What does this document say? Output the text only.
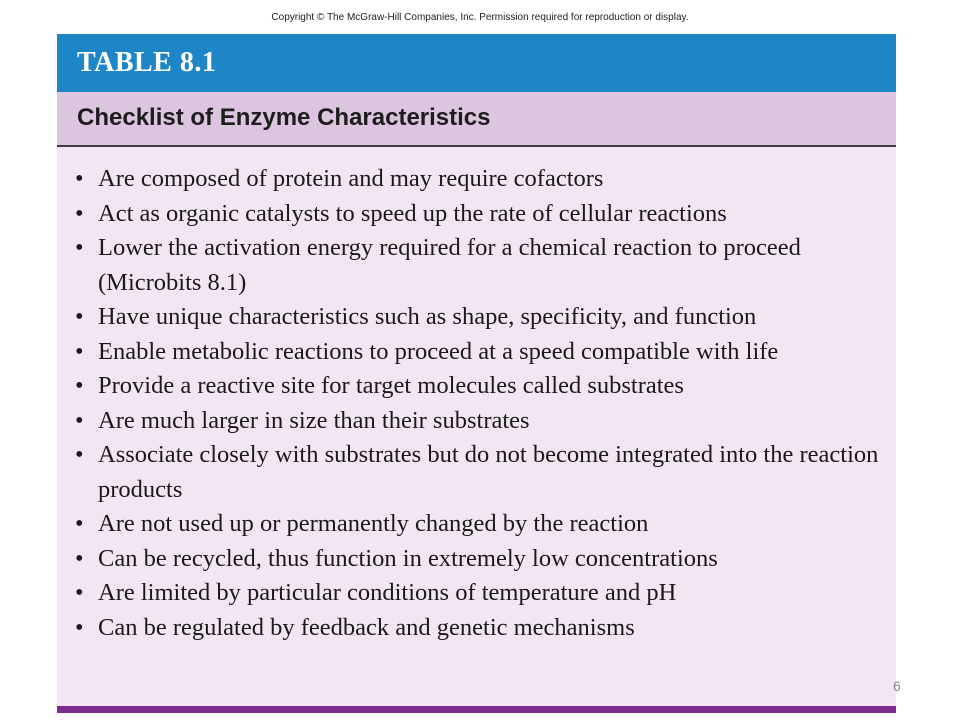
Copyright © The McGraw-Hill Companies, Inc. Permission required for reproduction or display.
TABLE 8.1
Checklist of Enzyme Characteristics
• Are composed of protein and may require cofactors
• Act as organic catalysts to speed up the rate of cellular reactions
• Lower the activation energy required for a chemical reaction to proceed (Microbits 8.1)
• Have unique characteristics such as shape, specificity, and function
• Enable metabolic reactions to proceed at a speed compatible with life
• Provide a reactive site for target molecules called substrates
• Are much larger in size than their substrates
• Associate closely with substrates but do not become integrated into the reaction products
• Are not used up or permanently changed by the reaction
• Can be recycled, thus function in extremely low concentrations
• Are limited by particular conditions of temperature and pH
• Can be regulated by feedback and genetic mechanisms
6
